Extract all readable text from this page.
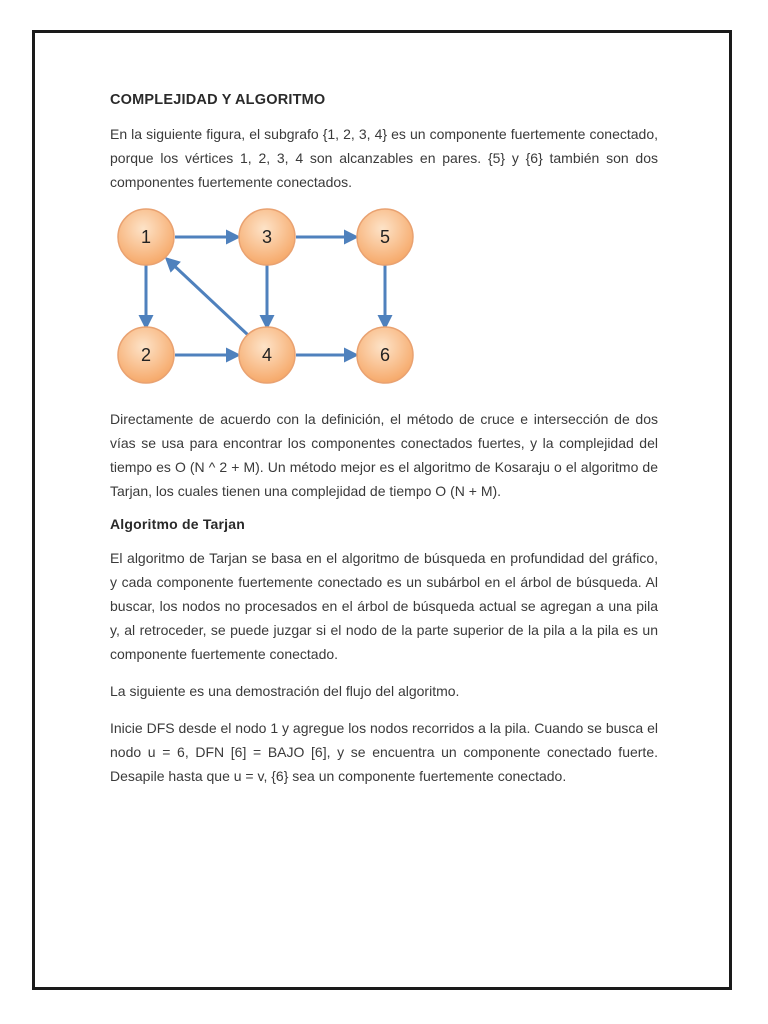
COMPLEJIDAD Y ALGORITMO

En la siguiente figura, el subgrafo {1, 2, 3, 4} es un componente fuertemente conectado, porque los vértices 1, 2, 3, 4 son alcanzables en pares. {5} y {6} también son dos componentes fuertemente conectados.

1	3	5
2	4	6

Directamente de acuerdo con la definición, el método de cruce e intersección de dos vías se usa para encontrar los componentes conectados fuertes, y la complejidad del tiempo es O (N ^ 2 + M). Un método mejor es el algoritmo de Kosaraju o el algoritmo de Tarjan, los cuales tienen una complejidad de tiempo O (N + M).

Algoritmo de Tarjan

El algoritmo de Tarjan se basa en el algoritmo de búsqueda en profundidad del gráfico, y cada componente fuertemente conectado es un subárbol en el árbol de búsqueda. Al buscar, los nodos no procesados en el árbol de búsqueda actual se agregan a una pila y, al retroceder, se puede juzgar si el nodo de la parte superior de la pila a la pila es un componente fuertemente conectado.

La siguiente es una demostración del flujo del algoritmo.

Inicie DFS desde el nodo 1 y agregue los nodos recorridos a la pila. Cuando se busca el nodo u = 6, DFN [6] = BAJO [6], y se encuentra un componente conectado fuerte. Desapile hasta que u = v, {6} sea un componente fuertemente conectado.
